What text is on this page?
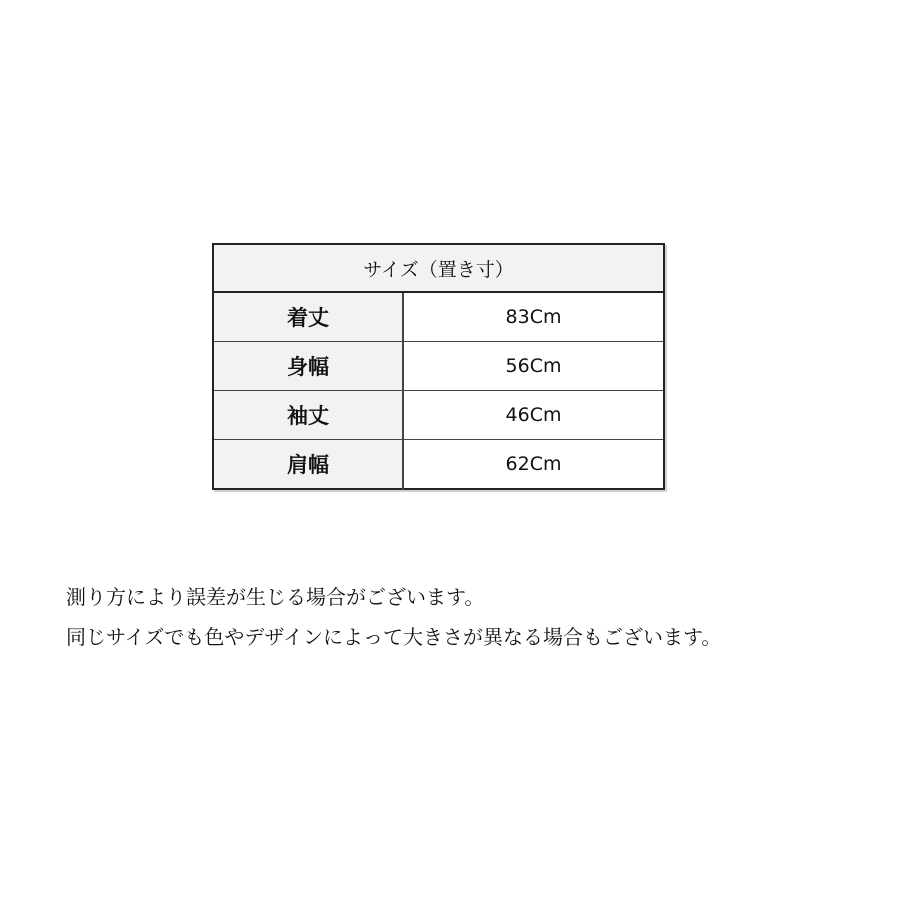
サイズ（置き寸）	
着丈	83Cm
身幅	56Cm
袖丈	46Cm
肩幅	62Cm

測り方により誤差が生じる場合がございます。

同じサイズでも色やデザインによって大きさが異なる場合もございます。
